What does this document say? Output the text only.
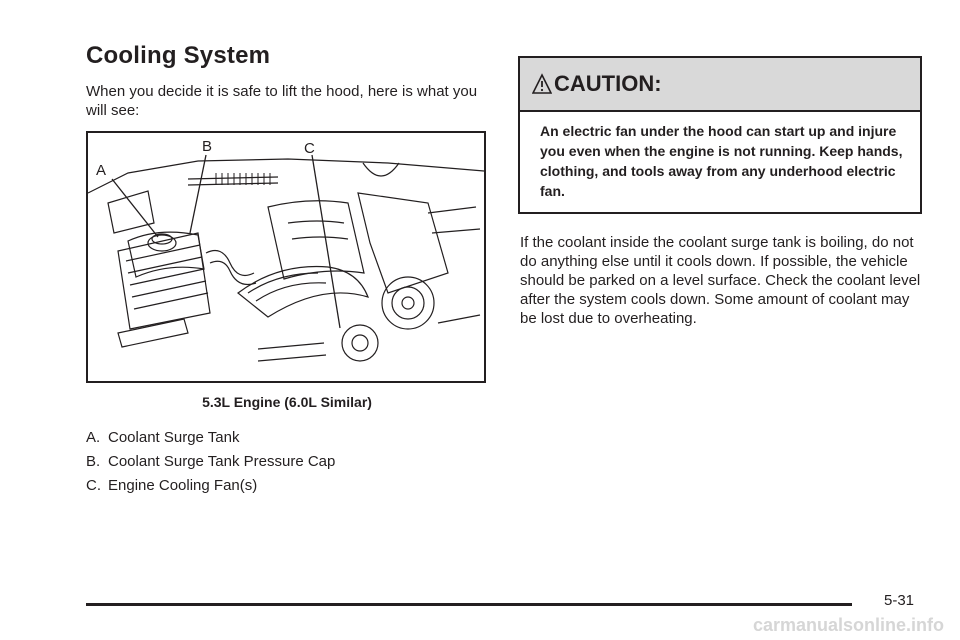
Cooling System
When you decide it is safe to lift the hood, here is what you will see:
A
B	C
5.3L Engine (6.0L Similar)
A. Coolant Surge Tank
B. Coolant Surge Tank Pressure Cap
C. Engine Cooling Fan(s)
CAUTION:
An electric fan under the hood can start up and injure you even when the engine is not running. Keep hands, clothing, and tools away from any underhood electric fan.
If the coolant inside the coolant surge tank is boiling, do not do anything else until it cools down. If possible, the vehicle should be parked on a level surface. Check the coolant level after the system cools down. Some amount of coolant may be lost due to overheating.
5-31
carmanualsonline.info
